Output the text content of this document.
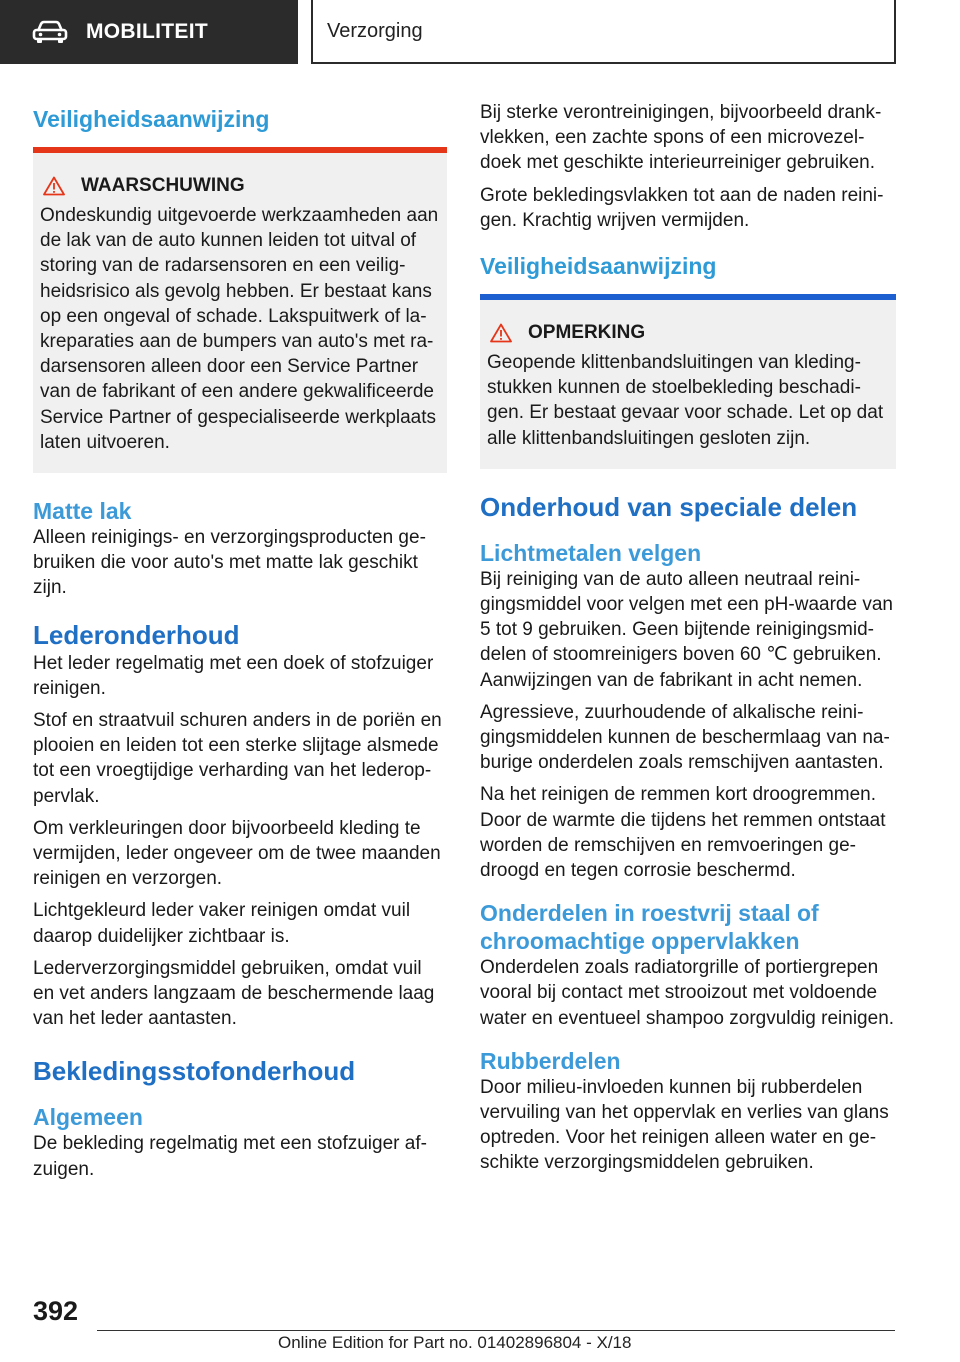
MOBILITEIT	Verzorging
Veiligheidsaanwijzing
WAARSCHUWING

Ondeskundig uitgevoerde werkzaamheden aan de lak van de auto kunnen leiden tot uitval of storing van de radarsensoren en een veiligheidsrisico als gevolg hebben. Er bestaat kans op een ongeval of schade. Lakspuitwerk of lakreparaties aan de bumpers van auto's met radarsensoren alleen door een Service Partner van de fabrikant of een andere gekwalificeerde Service Partner of gespecialiseerde werkplaats laten uitvoeren.

Matte lak

Alleen reinigings- en verzorgingsproducten gebruiken die voor auto's met matte lak geschikt zijn.

Lederonderhoud

Het leder regelmatig met een doek of stofzuiger reinigen.

Stof en straatvuil schuren anders in de poriën en plooien en leiden tot een sterke slijtage alsmede tot een vroegtijdige verharding van het lederoppervlak.

Om verkleuringen door bijvoorbeeld kleding te vermijden, leder ongeveer om de twee maanden reinigen en verzorgen.

Lichtgekleurd leder vaker reinigen omdat vuil daarop duidelijker zichtbaar is.

Lederverzorgingsmiddel gebruiken, omdat vuil en vet anders langzaam de beschermende laag van het leder aantasten.

Bekledingsstofonderhoud
Algemeen

De bekleding regelmatig met een stofzuiger afzuigen.

Bij sterke verontreinigingen, bijvoorbeeld drankvlekken, een zachte spons of een microvezeldoek met geschikte interieurreiniger gebruiken.

Grote bekledingsvlakken tot aan de naden reinigen. Krachtig wrijven vermijden.

Veiligheidsaanwijzing
OPMERKING

Geopende klittenbandsluitingen van kledingstukken kunnen de stoelbekleding beschadigen. Er bestaat gevaar voor schade. Let op dat alle klittenbandsluitingen gesloten zijn.

Onderhoud van speciale delen
Lichtmetalen velgen

Bij reiniging van de auto alleen neutraal reinigingsmiddel voor velgen met een pH-waarde van 5 tot 9 gebruiken. Geen bijtende reinigingsmiddelen of stoomreinigers boven 60 ℃ gebruiken. Aanwijzingen van de fabrikant in acht nemen.

Agressieve, zuurhoudende of alkalische reinigingsmiddelen kunnen de beschermlaag van naburige onderdelen zoals remschijven aantasten.

Na het reinigen de remmen kort droogremmen. Door de warmte die tijdens het remmen ontstaat worden de remschijven en remvoeringen gedroogd en tegen corrosie beschermd.

Onderdelen in roestvrij staal of chroomachtige oppervlakken

Onderdelen zoals radiatorgrille of portiergrepen vooral bij contact met strooizout met voldoende water en eventueel shampoo zorgvuldig reinigen.

Rubberdelen

Door milieu-invloeden kunnen bij rubberdelen vervuiling van het oppervlak en verlies van glans optreden. Voor het reinigen alleen water en geschikte verzorgingsmiddelen gebruiken.

392
Online Edition for Part no. 01402896804 - X/18
